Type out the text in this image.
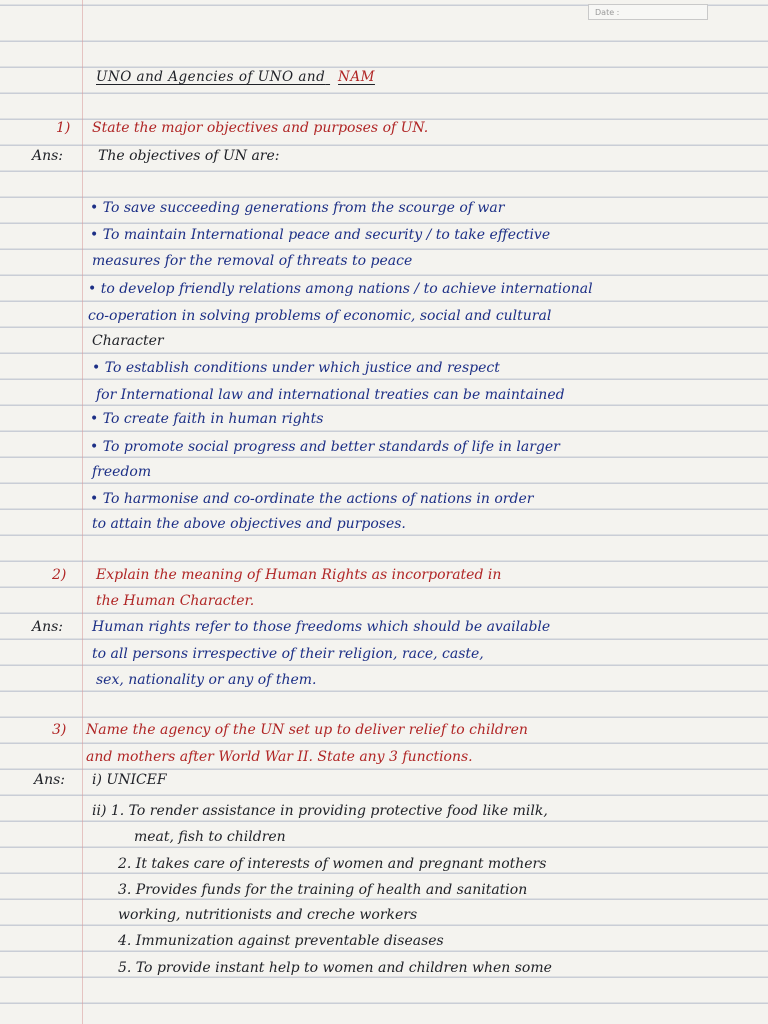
Date :
UNO and Agencies of UNO and NAM
1) State the major objectives and purposes of UN.
Ans: The objectives of UN are:
• To save succeeding generations from the scourge of war
• To maintain International peace and security / to take effective
measures for the removal of threats to peace
• to develop friendly relations among nations / to achieve international
co-operation in solving problems of economic, social and cultural
Character
• To establish conditions under which justice and respect
for International law and international treaties can be maintained
• To create faith in human rights
• To promote social progress and better standards of life in larger
freedom
• To harmonise and co-ordinate the actions of nations in order
to attain the above objectives and purposes.
2) Explain the meaning of Human Rights as incorporated in
the Human Character.
Ans: Human rights refer to those freedoms which should be available
to all persons irrespective of their religion, race, caste,
sex, nationality or any of them.
3) Name the agency of the UN set up to deliver relief to children
and mothers after World War II. State any 3 functions.
Ans: i) UNICEF
ii) 1. To render assistance in providing protective food like milk,
meat, fish to children
2. It takes care of interests of women and pregnant mothers
3. Provides funds for the training of health and sanitation
working, nutritionists and creche workers
4. Immunization against preventable diseases
5. To provide instant help to women and children when some
